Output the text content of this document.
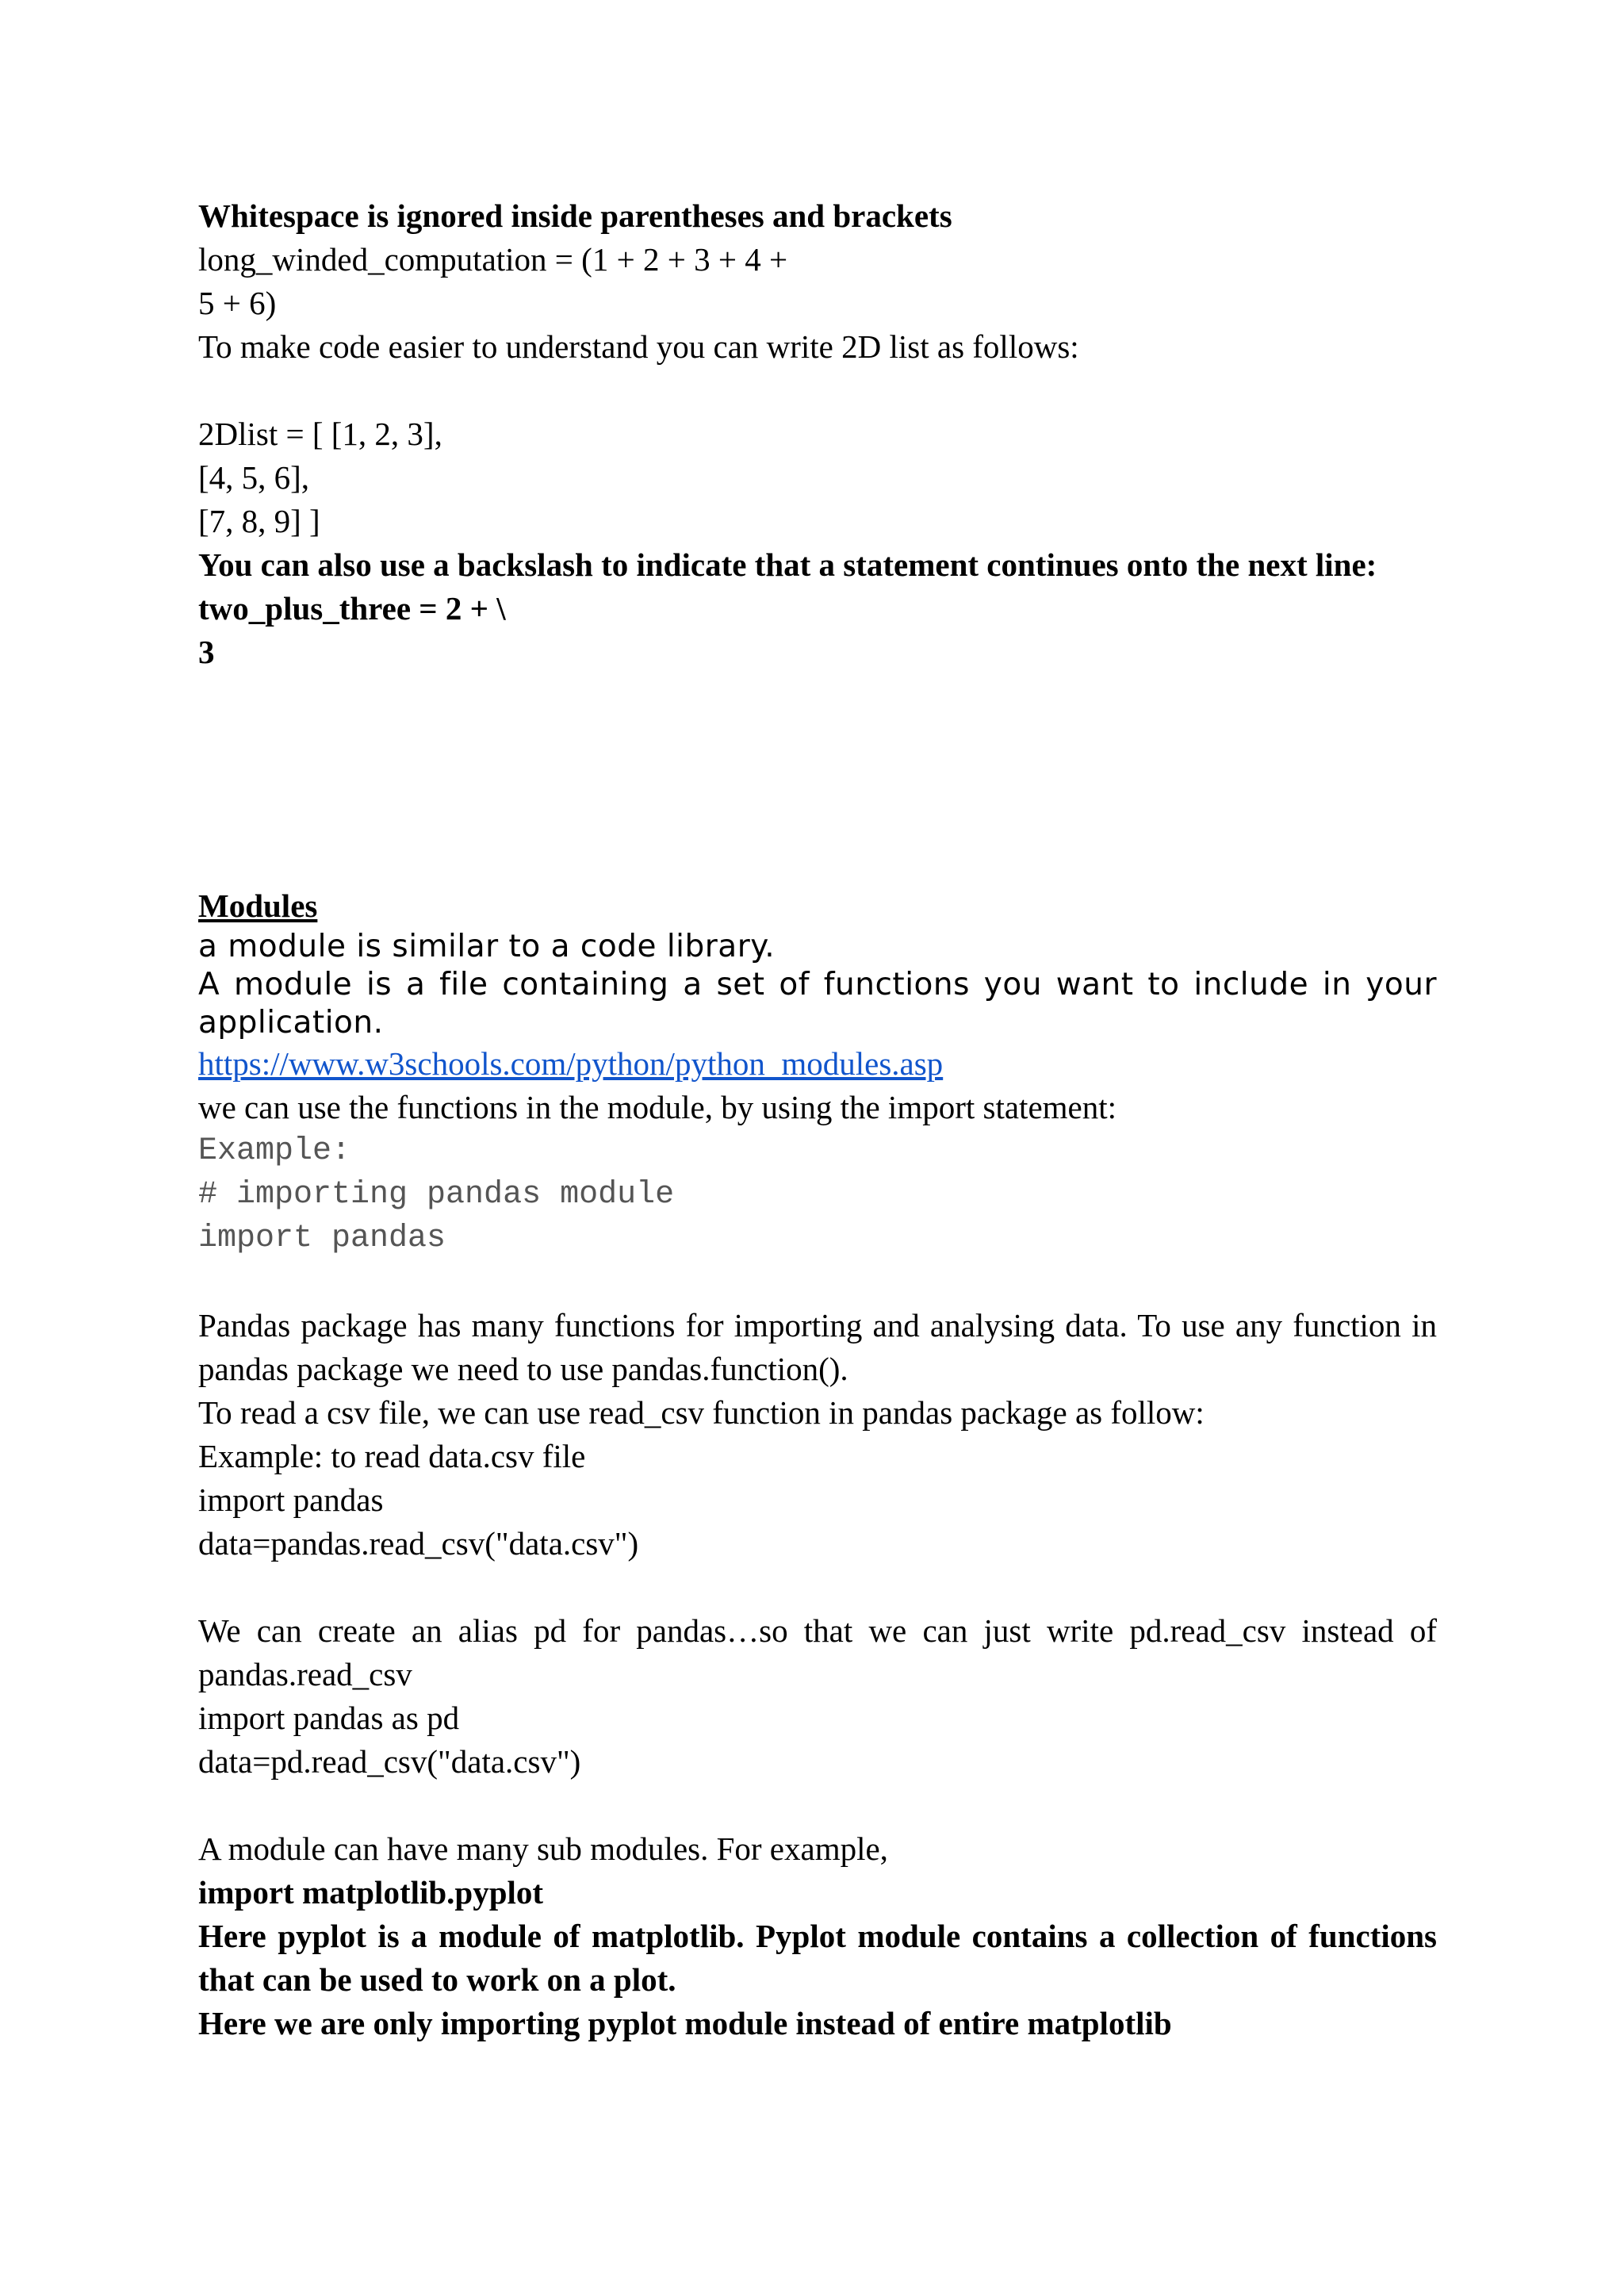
Whitespace is ignored inside parentheses and brackets
long_winded_computation = (1 + 2 + 3 + 4 +
5 + 6)
To make code easier to understand you can write 2D list as follows:
2Dlist = [ [1, 2, 3],
[4, 5, 6],
[7, 8, 9] ]
You can also use a backslash to indicate that a statement continues onto the next line:
two_plus_three = 2 + \
3
Modules
a module is similar to a code library.
A module is a file containing a set of functions you want to include in your application.
https://www.w3schools.com/python/python_modules.asp
we can use the functions in the module, by using the import statement:
Example:
# importing pandas module
import pandas
Pandas package has many functions for importing and analysing data. To use any function in pandas package we need to use pandas.function().
To read a csv file, we can use read_csv function in pandas package as follow:
Example: to read data.csv file
import pandas
data=pandas.read_csv("data.csv")
We can create an alias pd for pandas…so that we can just write pd.read_csv instead of pandas.read_csv
import pandas as pd
data=pd.read_csv("data.csv")
A module can have many sub modules. For example,
import matplotlib.pyplot
Here pyplot is a module of matplotlib. Pyplot module contains a collection of functions that can be used to work on a plot.
Here we are only importing pyplot module instead of entire matplotlib
